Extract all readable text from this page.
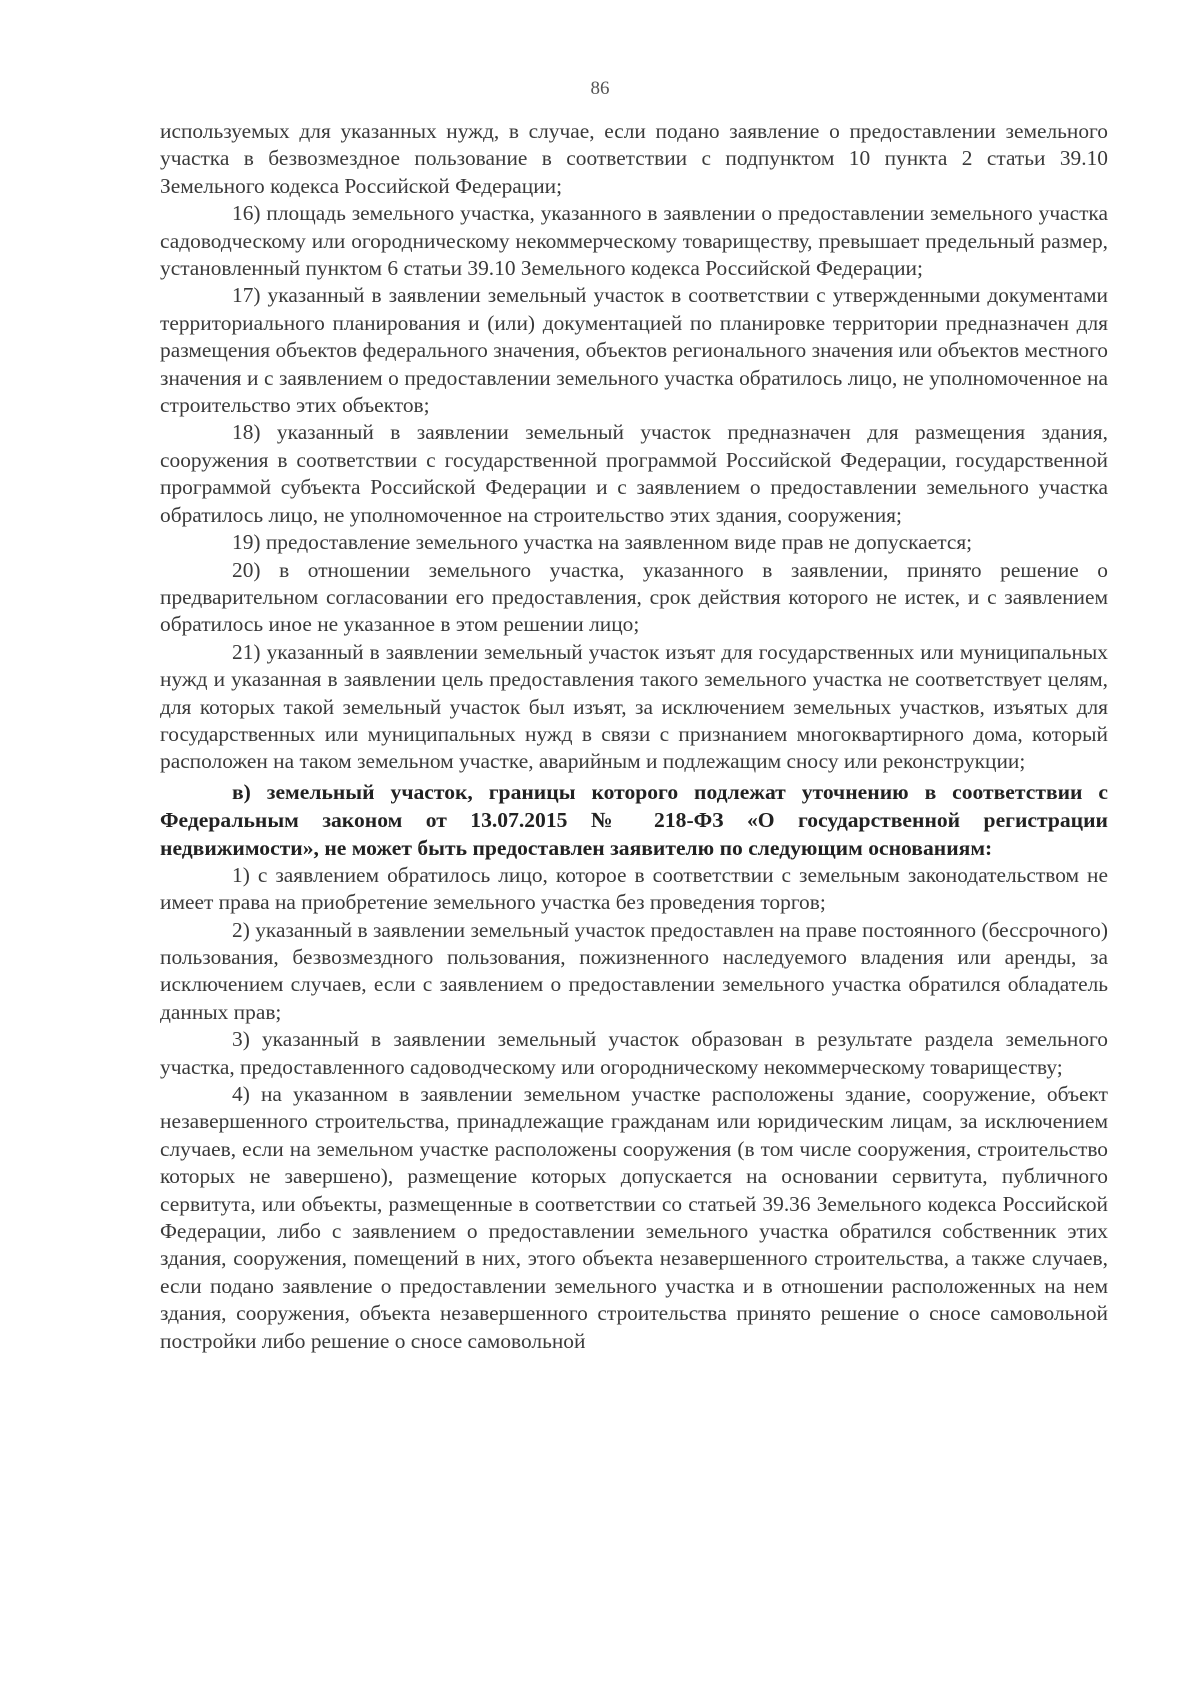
86

используемых для указанных нужд, в случае, если подано заявление о предоставлении земельного участка в безвозмездное пользование в соответствии с подпунктом 10 пункта 2 статьи 39.10 Земельного кодекса Российской Федерации;

16) площадь земельного участка, указанного в заявлении о предоставлении земельного участка садоводческому или огородническому некоммерческому товариществу, превышает предельный размер, установленный пунктом 6 статьи 39.10 Земельного кодекса Российской Федерации;

17) указанный в заявлении земельный участок в соответствии с утвержденными документами территориального планирования и (или) документацией по планировке территории предназначен для размещения объектов федерального значения, объектов регионального значения или объектов местного значения и с заявлением о предоставлении земельного участка обратилось лицо, не уполномоченное на строительство этих объектов;

18) указанный в заявлении земельный участок предназначен для размещения здания, сооружения в соответствии с государственной программой Российской Федерации, государственной программой субъекта Российской Федерации и с заявлением о предоставлении земельного участка обратилось лицо, не уполномоченное на строительство этих здания, сооружения;

19) предоставление земельного участка на заявленном виде прав не допускается;

20) в отношении земельного участка, указанного в заявлении, принято решение о предварительном согласовании его предоставления, срок действия которого не истек, и с заявлением обратилось иное не указанное в этом решении лицо;

21) указанный в заявлении земельный участок изъят для государственных или муниципальных нужд и указанная в заявлении цель предоставления такого земельного участка не соответствует целям, для которых такой земельный участок был изъят, за исключением земельных участков, изъятых для государственных или муниципальных нужд в связи с признанием многоквартирного дома, который расположен на таком земельном участке, аварийным и подлежащим сносу или реконструкции;

в) земельный участок, границы которого подлежат уточнению в соответствии с Федеральным законом от 13.07.2015 № 218-ФЗ «О государственной регистрации недвижимости», не может быть предоставлен заявителю по следующим основаниям:

1) с заявлением обратилось лицо, которое в соответствии с земельным законодательством не имеет права на приобретение земельного участка без проведения торгов;

2) указанный в заявлении земельный участок предоставлен на праве постоянного (бессрочного) пользования, безвозмездного пользования, пожизненного наследуемого владения или аренды, за исключением случаев, если с заявлением о предоставлении земельного участка обратился обладатель данных прав;

3) указанный в заявлении земельный участок образован в результате раздела земельного участка, предоставленного садоводческому или огородническому некоммерческому товариществу;

4) на указанном в заявлении земельном участке расположены здание, сооружение, объект незавершенного строительства, принадлежащие гражданам или юридическим лицам, за исключением случаев, если на земельном участке расположены сооружения (в том числе сооружения, строительство которых не завершено), размещение которых допускается на основании сервитута, публичного сервитута, или объекты, размещенные в соответствии со статьей 39.36 Земельного кодекса Российской Федерации, либо с заявлением о предоставлении земельного участка обратился собственник этих здания, сооружения, помещений в них, этого объекта незавершенного строительства, а также случаев, если подано заявление о предоставлении земельного участка и в отношении расположенных на нем здания, сооружения, объекта незавершенного строительства принято решение о сносе самовольной постройки либо решение о сносе самовольной
